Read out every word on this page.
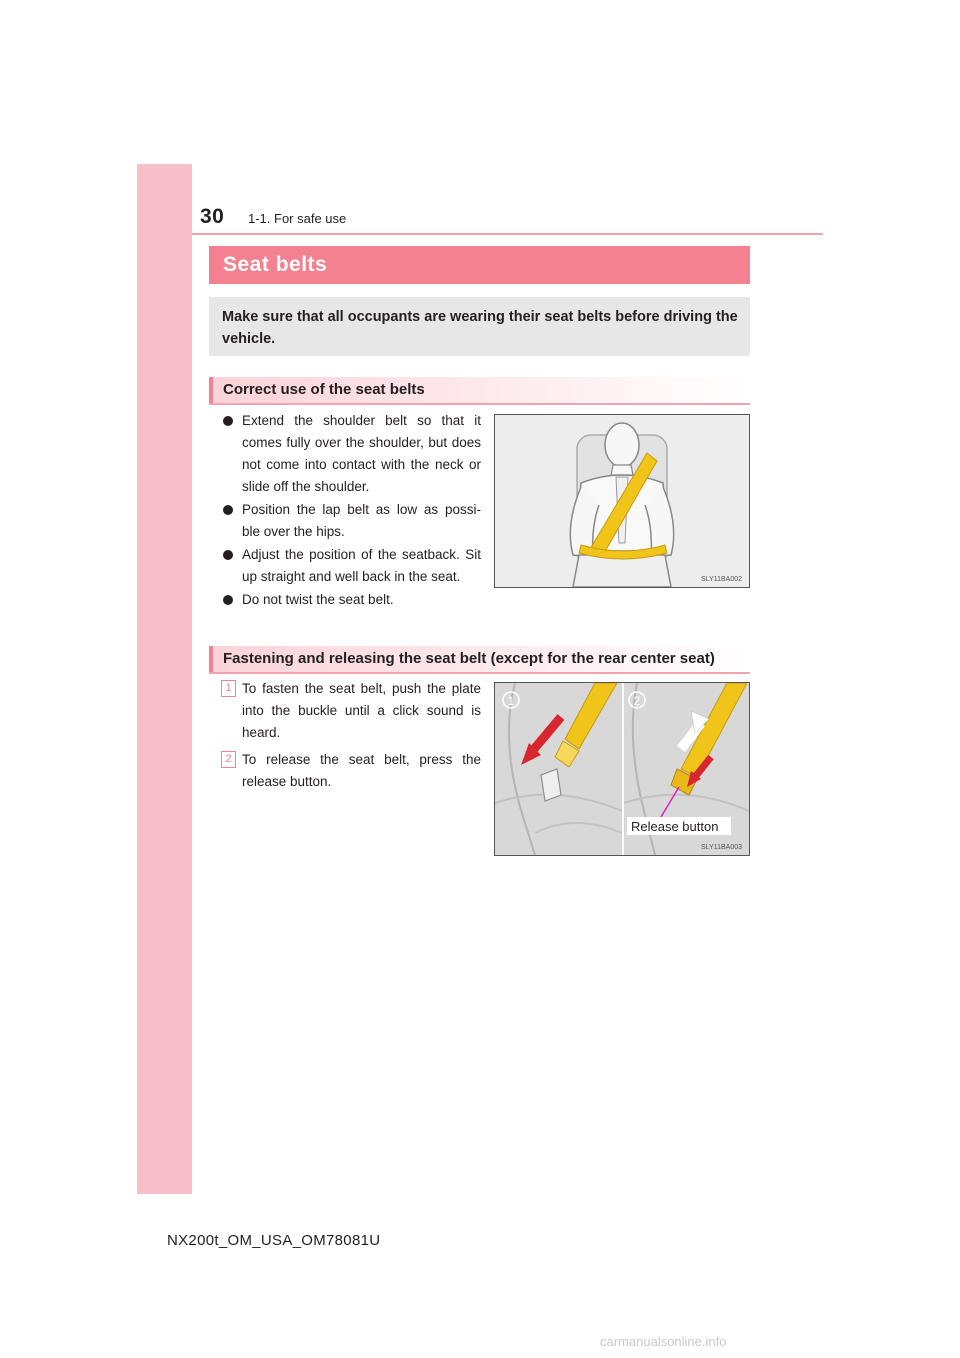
30 1-1. For safe use
Seat belts
Make sure that all occupants are wearing their seat belts before driving the vehicle.
Correct use of the seat belts
Extend the shoulder belt so that it comes fully over the shoulder, but does not come into contact with the neck or slide off the shoulder.
Position the lap belt as low as possi- ble over the hips.
Adjust the position of the seatback. Sit up straight and well back in the seat.
Do not twist the seat belt.
SLY11BA002
Fastening and releasing the seat belt (except for the rear center seat)
1 To fasten the seat belt, push the plate into the buckle until a click sound is heard.
2 To release the seat belt, press the release button.
1	2
Release button
SLY11BA003
NX200t_OM_USA_OM78081U
carmanualsonline.info
